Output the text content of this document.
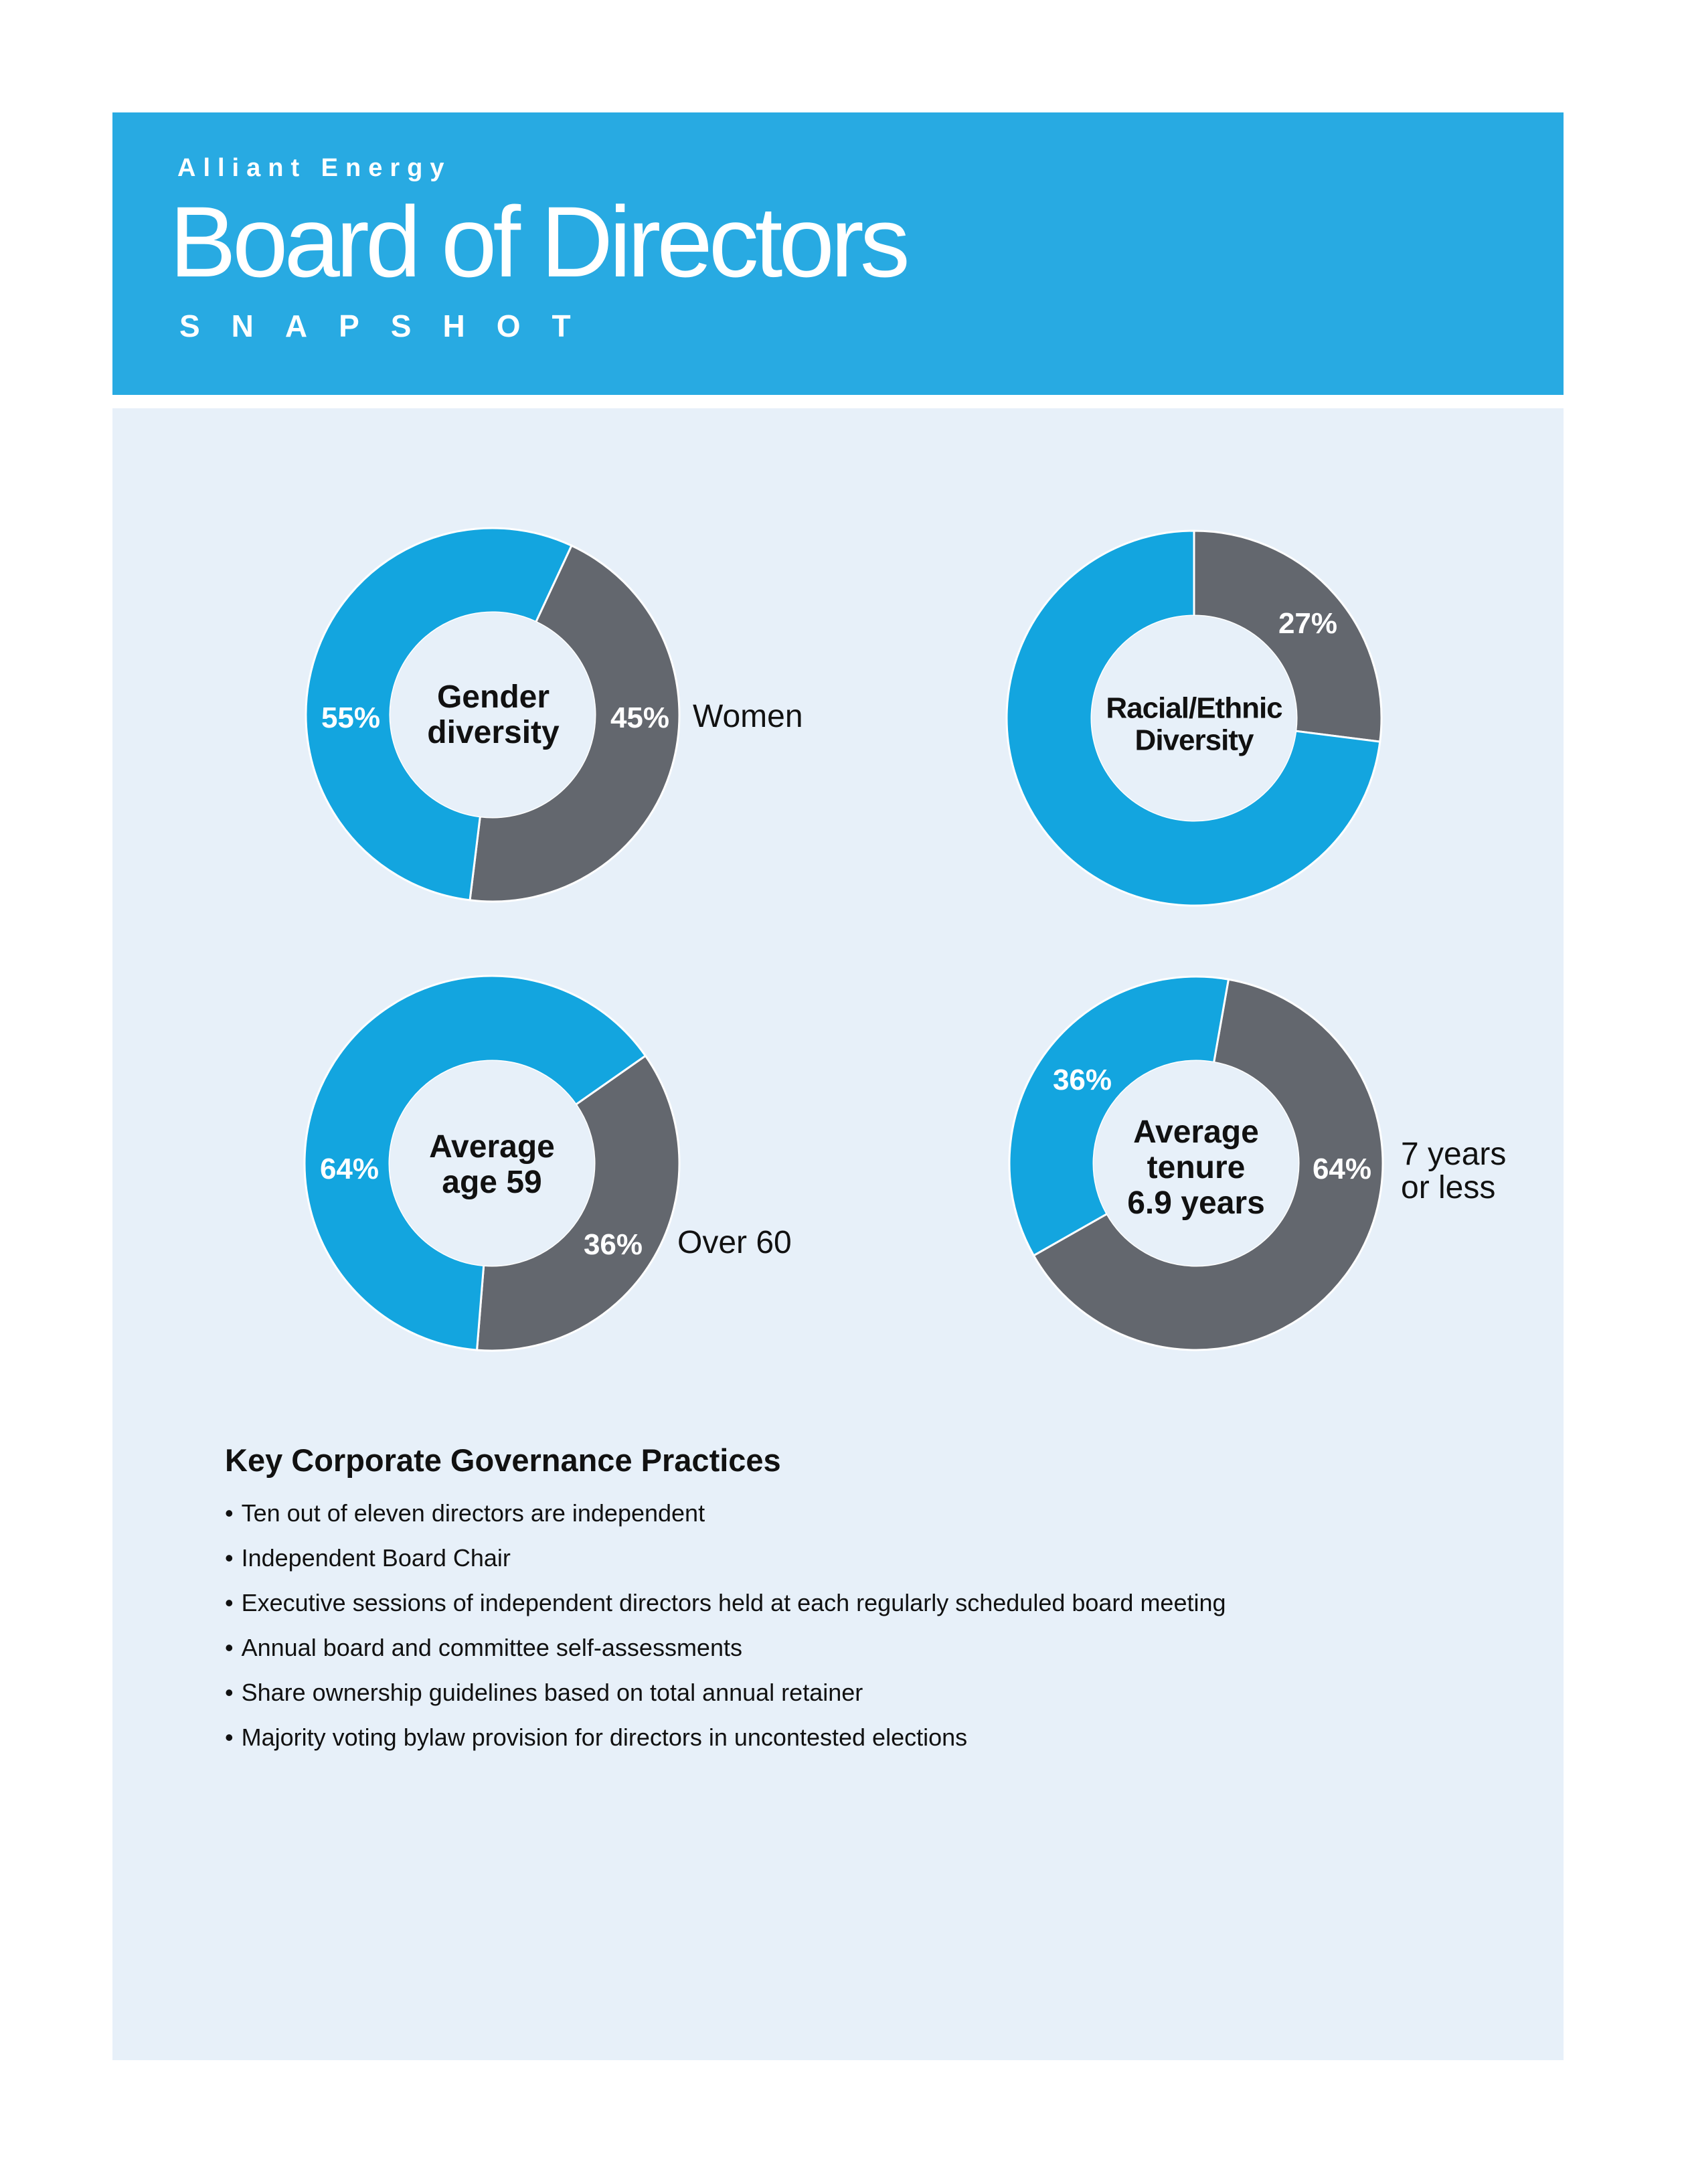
Alliant Energy
Board of Directors
SNAPSHOT
Gender
diversity
55%	45% Women	Racial/Ethnic
Diversity
27%
Average
age 59
64%
36% Over 60
Average
tenure
6.9 years
36%
64% 7 years
or less
Key Corporate Governance Practices
• Ten out of eleven directors are independent
• Independent Board Chair
• Executive sessions of independent directors held at each regularly scheduled board meeting
• Annual board and committee self-assessments
• Share ownership guidelines based on total annual retainer
• Majority voting bylaw provision for directors in uncontested elections
